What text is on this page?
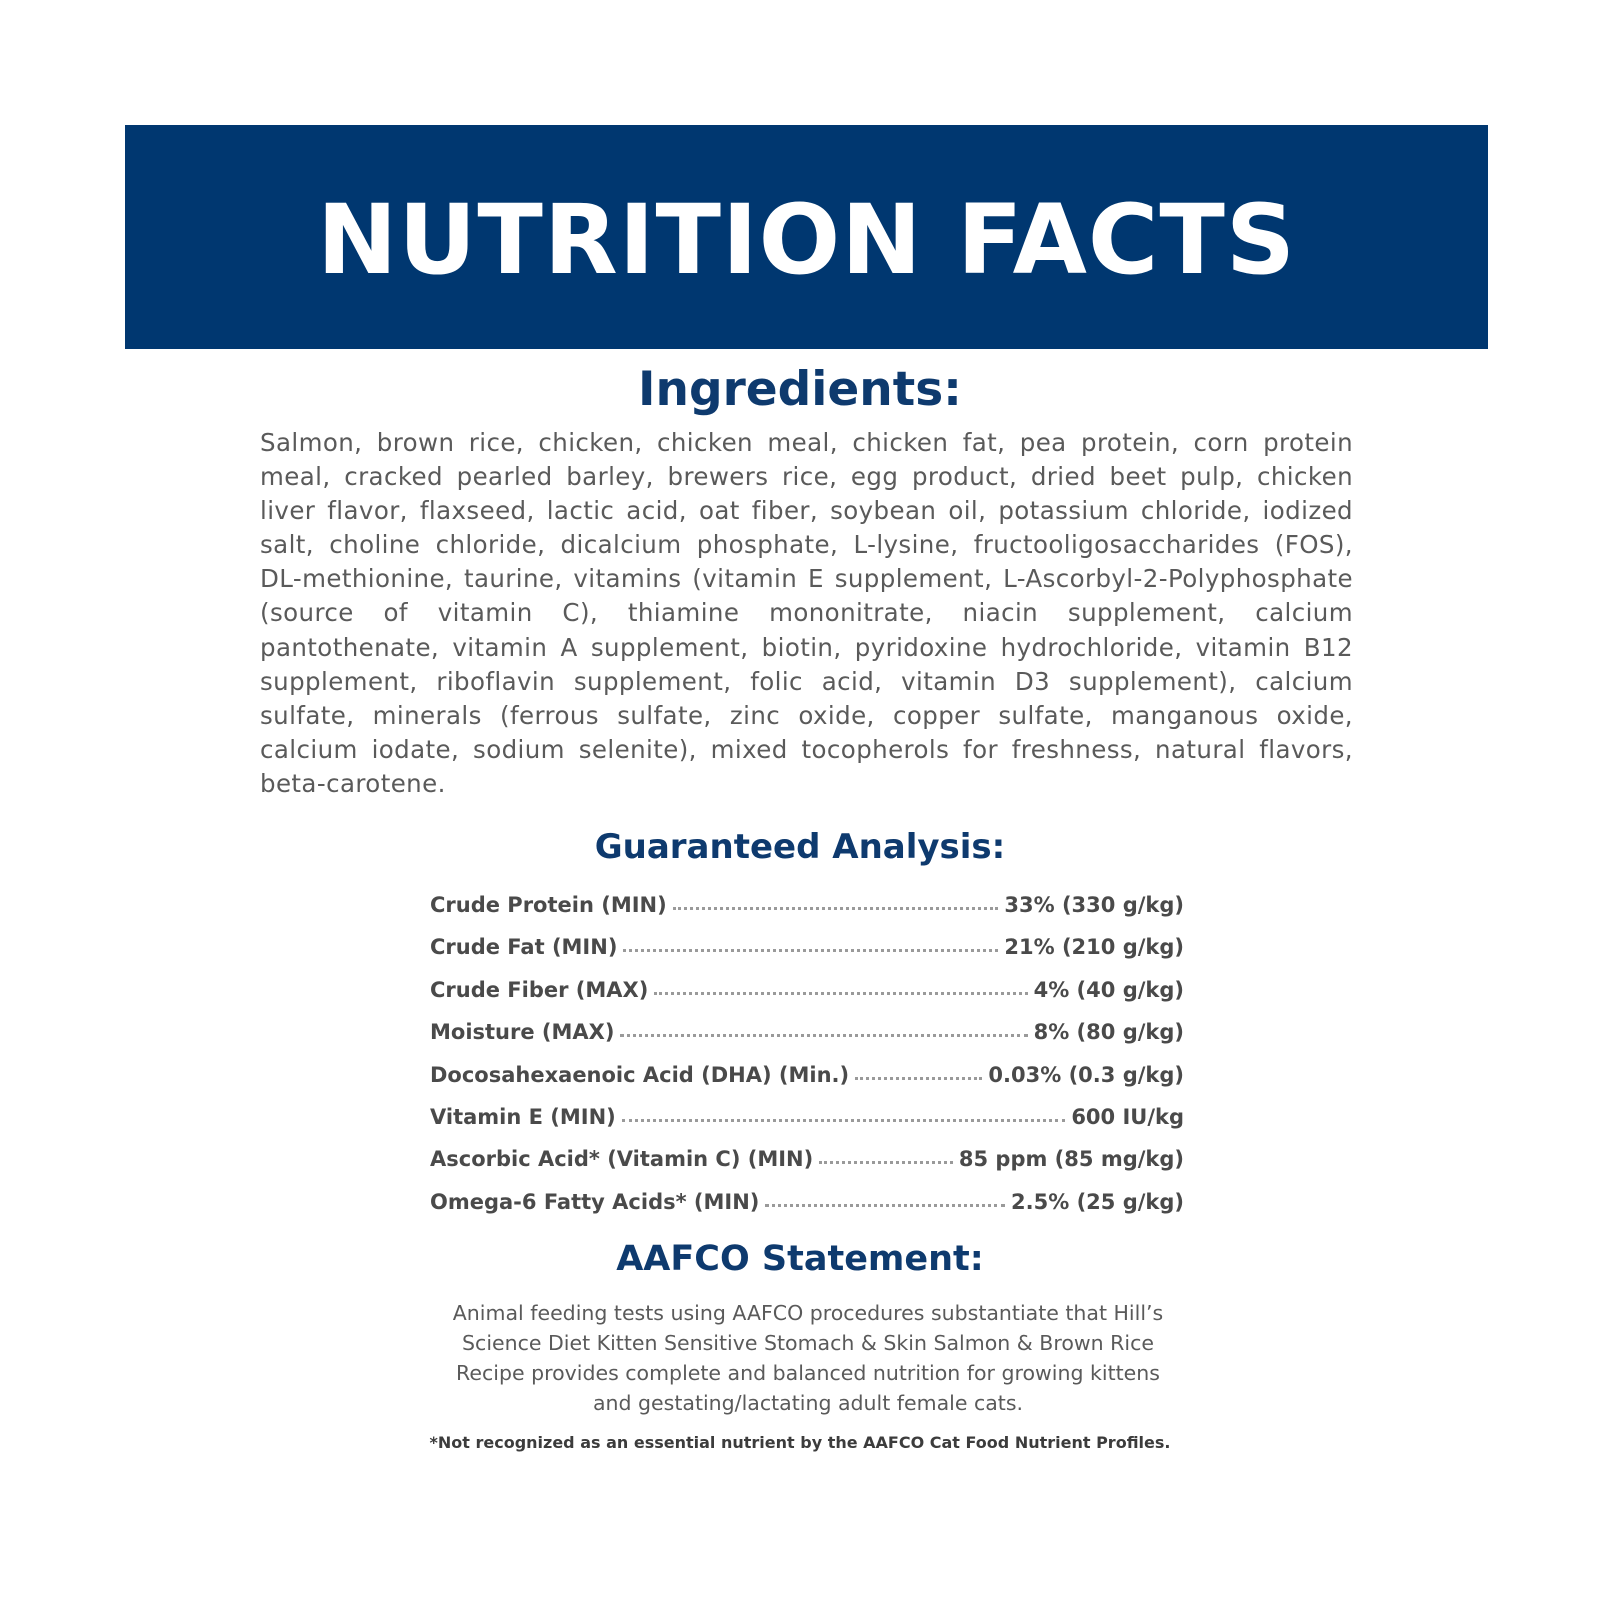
NUTRITION FACTS
Ingredients:

Salmon, brown rice, chicken, chicken meal, chicken fat, pea protein, corn protein meal, cracked pearled barley, brewers rice, egg product, dried beet pulp, chicken liver flavor, flaxseed, lactic acid, oat fiber, soybean oil, potassium chloride, iodized salt, choline chloride, dicalcium phosphate, L-lysine, fructooligosaccharides (FOS), DL-methionine, taurine, vitamins (vitamin E supplement, L-Ascorbyl-2-Polyphosphate (source of vitamin C), thiamine mononitrate, niacin supplement, calcium pantothenate, vitamin A supplement, biotin, pyridoxine hydrochloride, vitamin B12 supplement, riboflavin supplement, folic acid, vitamin D3 supplement), calcium sulfate, minerals (ferrous sulfate, zinc oxide, copper sulfate, manganous oxide, calcium iodate, sodium selenite), mixed tocopherols for freshness, natural flavors, beta-carotene.

Guaranteed Analysis:
Crude Protein (MIN)	33% (330 g/kg)
Crude Fat (MIN)	21% (210 g/kg)
Crude Fiber (MAX)	4% (40 g/kg)
Moisture (MAX)	8% (80 g/kg)
Docosahexaenoic Acid (DHA) (Min.)	0.03% (0.3 g/kg)
Vitamin E (MIN)	600 IU/kg
Ascorbic Acid* (Vitamin C) (MIN)	85 ppm (85 mg/kg)
Omega-6 Fatty Acids* (MIN)	2.5% (25 g/kg)
AAFCO Statement:
Animal feeding tests using AAFCO procedures substantiate that Hill’s
Science Diet Kitten Sensitive Stomach & Skin Salmon & Brown Rice
Recipe provides complete and balanced nutrition for growing kittens
and gestating/lactating adult female cats.
*Not recognized as an essential nutrient by the AAFCO Cat Food Nutrient Profiles.
